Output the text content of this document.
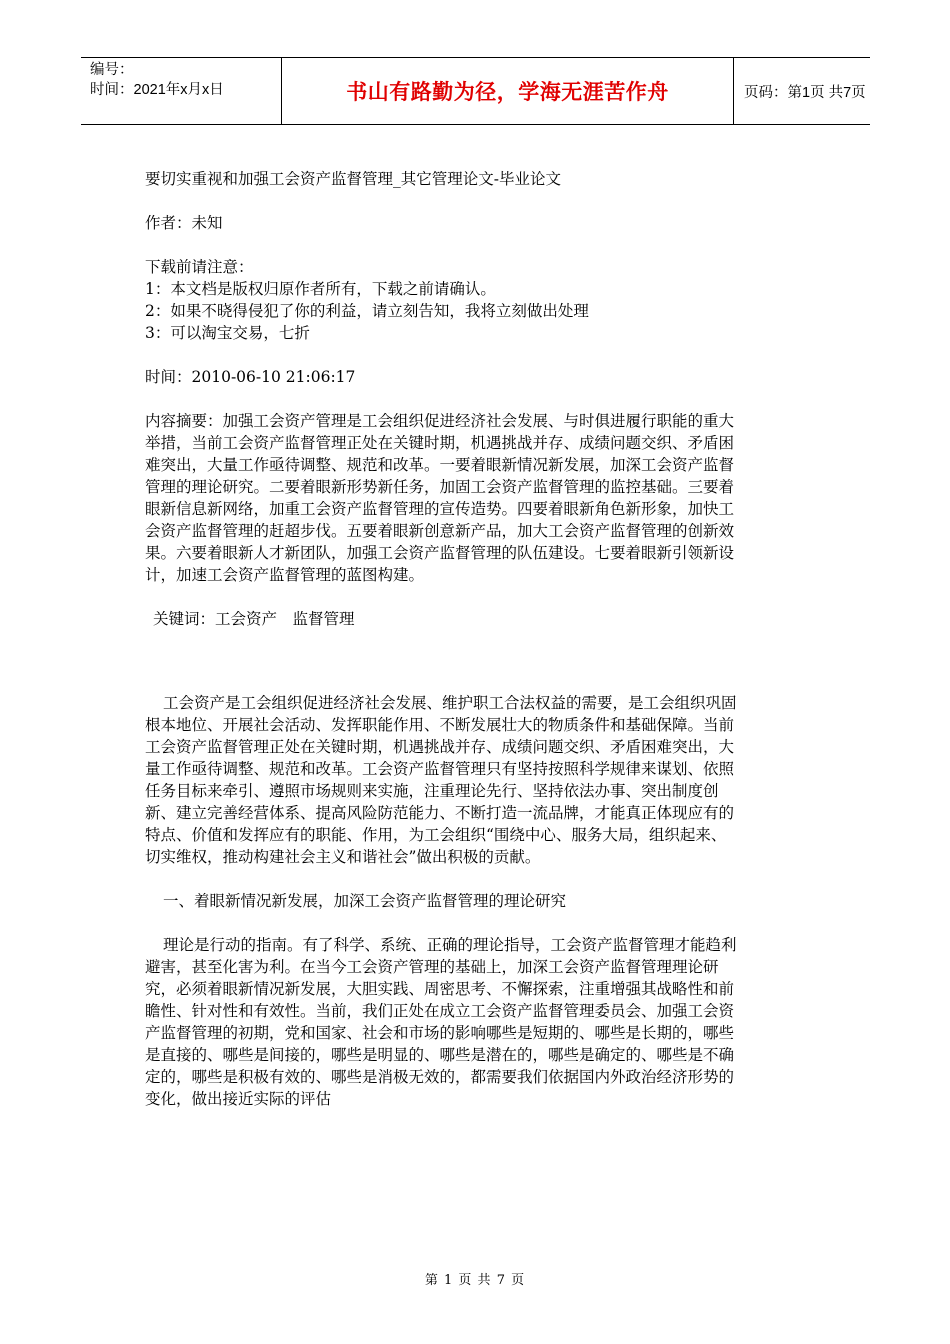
编号：
时间：2021年x月x日	书山有路勤为径，学海无涯苦作舟	页码：第1页 共7页

要切实重视和加强工会资产监督管理_其它管理论文-毕业论文

作者：未知

下载前请注意：

1：本文档是版权归原作者所有，下载之前请确认。

2：如果不晓得侵犯了你的利益，请立刻告知，我将立刻做出处理

3：可以淘宝交易，七折

时间：2010-06-10 21:06:17

内容摘要：加强工会资产管理是工会组织促进经济社会发展、与时俱进履行职能的重大举措，当前工会资产监督管理正处在关键时期，机遇挑战并存、成绩问题交织、矛盾困难突出，大量工作亟待调整、规范和改革。一要着眼新情况新发展，加深工会资产监督管理的理论研究。二要着眼新形势新任务，加固工会资产监督管理的监控基础。三要着眼新信息新网络，加重工会资产监督管理的宣传造势。四要着眼新角色新形象，加快工会资产监督管理的赶超步伐。五要着眼新创意新产品，加大工会资产监督管理的创新效果。六要着眼新人才新团队，加强工会资产监督管理的队伍建设。七要着眼新引领新设计，加速工会资产监督管理的蓝图构建。

关键词：工会资产　监督管理

工会资产是工会组织促进经济社会发展、维护职工合法权益的需要，是工会组织巩固根本地位、开展社会活动、发挥职能作用、不断发展壮大的物质条件和基础保障。当前工会资产监督管理正处在关键时期，机遇挑战并存、成绩问题交织、矛盾困难突出，大量工作亟待调整、规范和改革。工会资产监督管理只有坚持按照科学规律来谋划、依照任务目标来牵引、遵照市场规则来实施，注重理论先行、坚持依法办事、突出制度创新、建立完善经营体系、提高风险防范能力、不断打造一流品牌，才能真正体现应有的特点、价值和发挥应有的职能、作用，为工会组织“围绕中心、服务大局，组织起来、切实维权，推动构建社会主义和谐社会”做出积极的贡献。

一、着眼新情况新发展，加深工会资产监督管理的理论研究

理论是行动的指南。有了科学、系统、正确的理论指导，工会资产监督管理才能趋利避害，甚至化害为利。在当今工会资产管理的基础上，加深工会资产监督管理理论研究，必须着眼新情况新发展，大胆实践、周密思考、不懈探索，注重增强其战略性和前瞻性、针对性和有效性。当前，我们正处在成立工会资产监督管理委员会、加强工会资产监督管理的初期，党和国家、社会和市场的影响哪些是短期的、哪些是长期的，哪些是直接的、哪些是间接的，哪些是明显的、哪些是潜在的，哪些是确定的、哪些是不确定的，哪些是积极有效的、哪些是消极无效的，都需要我们依据国内外政治经济形势的变化，做出接近实际的评估

第 1 页 共 7 页
